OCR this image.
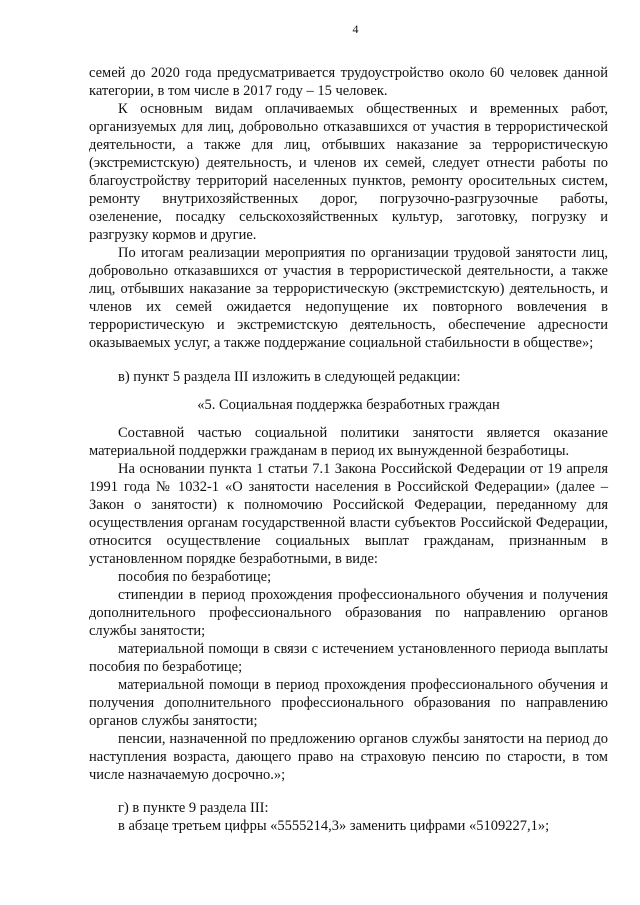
4

семей до 2020 года предусматривается трудоустройство около 60 человек данной категории, в том числе в 2017 году – 15 человек.

К основным видам оплачиваемых общественных и временных работ, организуемых для лиц, добровольно отказавшихся от участия в террористической деятельности, а также для лиц, отбывших наказание за террористическую (экстремистскую) деятельность, и членов их семей, следует отнести работы по благоустройству территорий населенных пунктов, ремонту оросительных систем, ремонту внутрихозяйственных дорог, погрузочно-разгрузочные работы, озеленение, посадку сельскохозяйственных культур, заготовку, погрузку и разгрузку кормов и другие.

По итогам реализации мероприятия по организации трудовой занятости лиц, добровольно отказавшихся от участия в террористической деятельности, а также лиц, отбывших наказание за террористическую (экстремистскую) деятельность, и членов их семей ожидается недопущение их повторного вовлечения в террористическую и экстремистскую деятельность, обеспечение адресности оказываемых услуг, а также поддержание социальной стабильности в обществе»;

в) пункт 5 раздела III изложить в следующей редакции:

«5. Социальная поддержка безработных граждан

Составной частью социальной политики занятости является оказание материальной поддержки гражданам в период их вынужденной безработицы.

На основании пункта 1 статьи 7.1 Закона Российской Федерации от 19 апреля 1991 года № 1032-1 «О занятости населения в Российской Федерации» (далее – Закон о занятости) к полномочию Российской Федерации, переданному для осуществления органам государственной власти субъектов Российской Федерации, относится осуществление социальных выплат гражданам, признанным в установленном порядке безработными, в виде:

пособия по безработице;

стипендии в период прохождения профессионального обучения и получения дополнительного профессионального образования по направлению органов службы занятости;

материальной помощи в связи с истечением установленного периода выплаты пособия по безработице;

материальной помощи в период прохождения профессионального обучения и получения дополнительного профессионального образования по направлению органов службы занятости;

пенсии, назначенной по предложению органов службы занятости на период до наступления возраста, дающего право на страховую пенсию по старости, в том числе назначаемую досрочно.»;

г) в пункте 9 раздела III:

в абзаце третьем цифры «5555214,3» заменить цифрами «5109227,1»;
